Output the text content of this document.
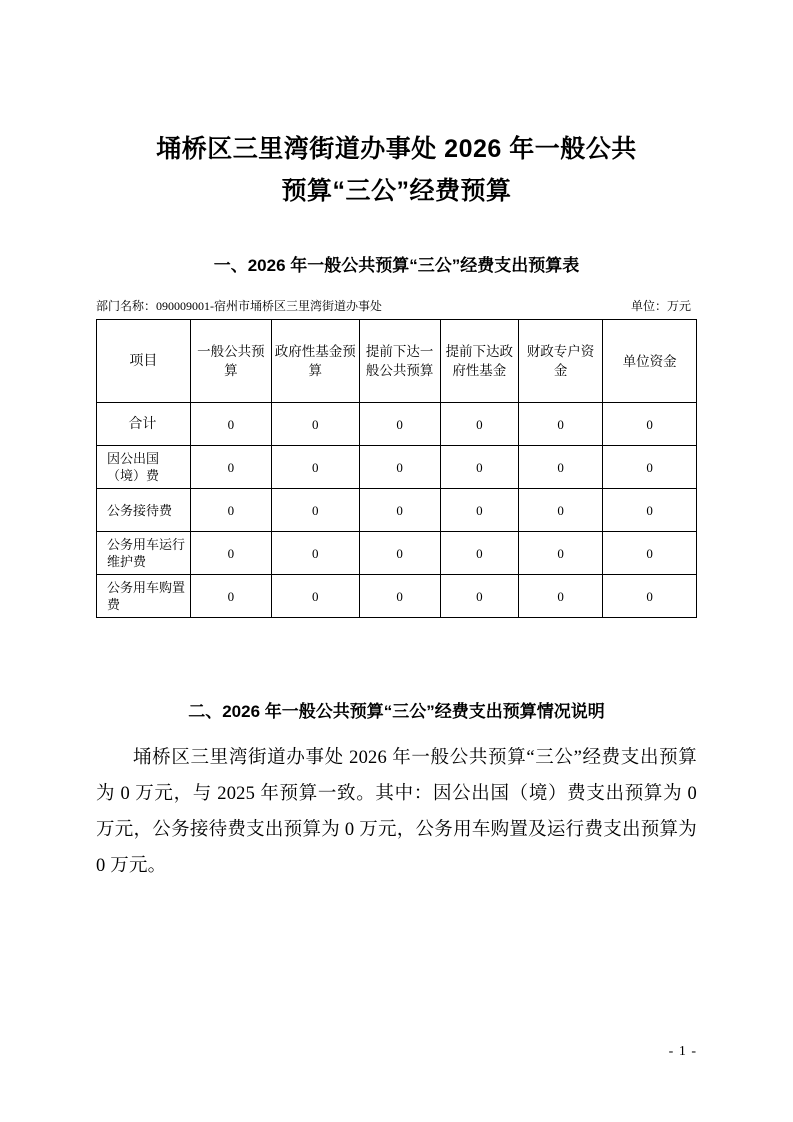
埇桥区三里湾街道办事处 2026 年一般公共
预算“三公”经费预算
一、2026 年一般公共预算“三公”经费支出预算表
部门名称：090009001-宿州市埇桥区三里湾街道办事处	单位：万元
项目	一般公共预算	政府性基金预算	提前下达一般公共预算	提前下达政府性基金	财政专户资金	单位资金
合计	0	0	0	0	0	0
因公出国（境）费	0	0	0	0	0	0
公务接待费	0	0	0	0	0	0
公务用车运行维护费	0	0	0	0	0	0
公务用车购置费	0	0	0	0	0	0
二、2026 年一般公共预算“三公”经费支出预算情况说明

埇桥区三里湾街道办事处 2026 年一般公共预算“三公”经费支出预算为 0 万元，与 2025 年预算一致。其中：因公出国（境）费支出预算为 0 万元，公务接待费支出预算为 0 万元，公务用车购置及运行费支出预算为 0 万元。

- 1 -
